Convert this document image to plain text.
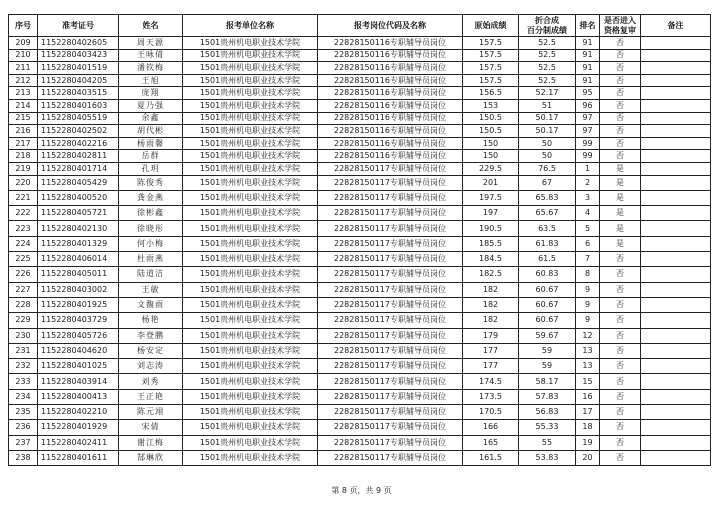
序号	准考证号	姓名	报考单位名称	报考岗位代码及名称	原始成绩	折合成
百分制成绩	排名	是否进入
资格复审	备注
209	1152280402605	周天源	1501贵州机电职业技术学院	22828150116专职辅导员岗位	157.5	52.5	91	否	
210	1152280403423	王咏倩	1501贵州机电职业技术学院	22828150116专职辅导员岗位	157.5	52.5	91	否	
211	1152280401519	潘钦梅	1501贵州机电职业技术学院	22828150116专职辅导员岗位	157.5	52.5	91	否	
212	1152280404205	王旭	1501贵州机电职业技术学院	22828150116专职辅导员岗位	157.5	52.5	91	否	
213	1152280403515	庞翔	1501贵州机电职业技术学院	22828150116专职辅导员岗位	156.5	52.17	95	否	
214	1152280401603	夏乃强	1501贵州机电职业技术学院	22828150116专职辅导员岗位	153	51	96	否	
215	1152280405519	余鑫	1501贵州机电职业技术学院	22828150116专职辅导员岗位	150.5	50.17	97	否	
216	1152280402502	胡代彬	1501贵州机电职业技术学院	22828150116专职辅导员岗位	150.5	50.17	97	否	
217	1152280402216	杨雨馨	1501贵州机电职业技术学院	22828150116专职辅导员岗位	150	50	99	否	
218	1152280402811	岳群	1501贵州机电职业技术学院	22828150116专职辅导员岗位	150	50	99	否	
219	1152280401714	孔玥	1501贵州机电职业技术学院	22828150117专职辅导员岗位	229.5	76.5	1	是	
220	1152280405429	陈俊秀	1501贵州机电职业技术学院	22828150117专职辅导员岗位	201	67	2	是	
221	1152280400520	龚金燕	1501贵州机电职业技术学院	22828150117专职辅导员岗位	197.5	65.83	3	是	
222	1152280405721	徐彬鑫	1501贵州机电职业技术学院	22828150117专职辅导员岗位	197	65.67	4	是	
223	1152280402130	徐晓彤	1501贵州机电职业技术学院	22828150117专职辅导员岗位	190.5	63.5	5	是	
224	1152280401329	何小梅	1501贵州机电职业技术学院	22828150117专职辅导员岗位	185.5	61.83	6	是	
225	1152280406014	杜雨燕	1501贵州机电职业技术学院	22828150117专职辅导员岗位	184.5	61.5	7	否	
226	1152280405011	陆道洁	1501贵州机电职业技术学院	22828150117专职辅导员岗位	182.5	60.83	8	否	
227	1152280403002	王敏	1501贵州机电职业技术学院	22828150117专职辅导员岗位	182	60.67	9	否	
228	1152280401925	文馥雨	1501贵州机电职业技术学院	22828150117专职辅导员岗位	182	60.67	9	否	
229	1152280403729	杨艳	1501贵州机电职业技术学院	22828150117专职辅导员岗位	182	60.67	9	否	
230	1152280405726	李登鹏	1501贵州机电职业技术学院	22828150117专职辅导员岗位	179	59.67	12	否	
231	1152280404620	杨安定	1501贵州机电职业技术学院	22828150117专职辅导员岗位	177	59	13	否	
232	1152280401025	刘志涛	1501贵州机电职业技术学院	22828150117专职辅导员岗位	177	59	13	否	
233	1152280403914	刘秀	1501贵州机电职业技术学院	22828150117专职辅导员岗位	174.5	58.17	15	否	
234	1152280400413	王正艳	1501贵州机电职业技术学院	22828150117专职辅导员岗位	173.5	57.83	16	否	
235	1152280402210	陈元翊	1501贵州机电职业技术学院	22828150117专职辅导员岗位	170.5	56.83	17	否	
236	1152280401929	宋倩	1501贵州机电职业技术学院	22828150117专职辅导员岗位	166	55.33	18	否	
237	1152280402411	谢江梅	1501贵州机电职业技术学院	22828150117专职辅导员岗位	165	55	19	否	
238	1152280401611	郜琳欣	1501贵州机电职业技术学院	22828150117专职辅导员岗位	161.5	53.83	20	否	
第 8 页，共 9 页
